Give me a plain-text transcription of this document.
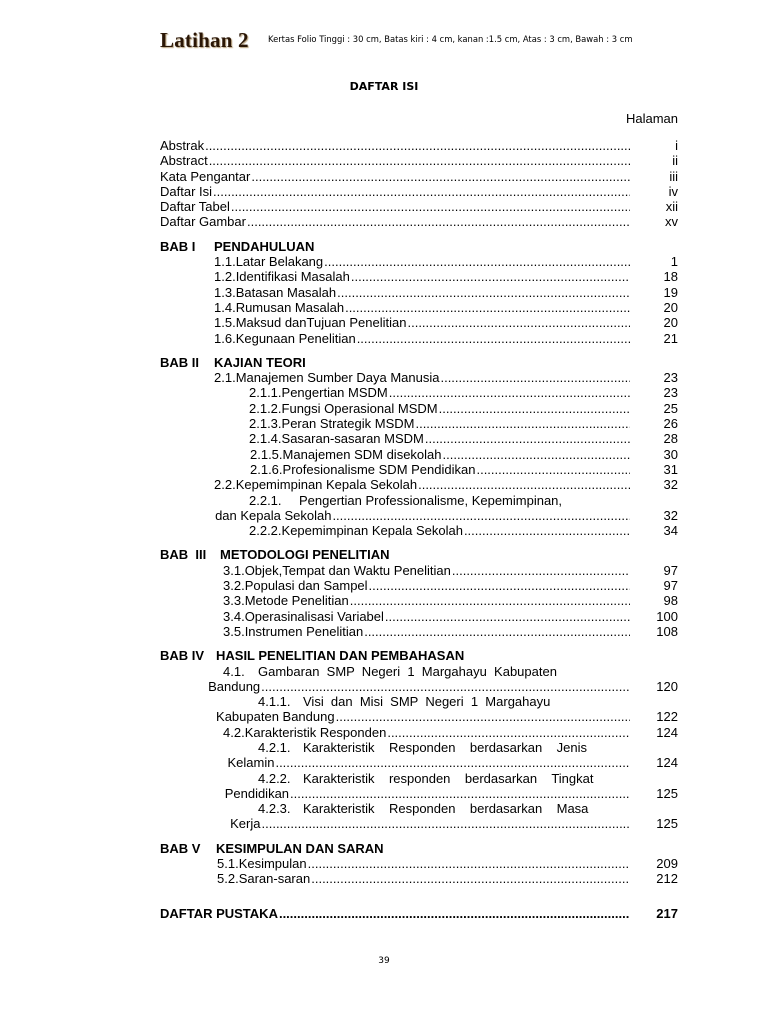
Latihan 2 Kertas Folio Tinggi : 30 cm, Batas kiri : 4 cm, kanan :1.5 cm, Atas : 3 cm, Bawah : 3 cm
DAFTAR ISI
Halaman
Abstrak .....	i
Abstract .....	ii
Kata Pengantar .....	iii
Daftar Isi .....	iv
Daftar Tabel .....	xii
Daftar Gambar .....	xv
BAB I	PENDAHULUAN
1.1. Latar Belakang .....	1
1.2. Identifikasi Masalah .....	18
1.3. Batasan Masalah .....	19
1.4. Rumusan Masalah .....	20
1.5. Maksud danTujuan Penelitian .....	20
1.6. Kegunaan Penelitian .....	21
BAB II	KAJIAN TEORI
2.1. Manajemen Sumber Daya Manusia .....	23
2.1.1. Pengertian MSDM .....	23
2.1.2. Fungsi Operasional MSDM .....	25
2.1.3. Peran Strategik MSDM .....	26
2.1.4. Sasaran-sasaran MSDM .....	28
2.1.5. Manajemen SDM disekolah .....	30
2.1.6. Profesionalisme SDM Pendidikan .....	31
2.2. Kepemimpinan Kepala Sekolah .....	32
2.2.1.	Pengertian Professionalisme, Kepemimpinan,
dan Kepala Sekolah .....	32
2.2.2. Kepemimpinan Kepala Sekolah .....	34
BAB  III	METODOLOGI PENELITIAN
3.1. Objek,Tempat dan Waktu Penelitian .....	97
3.2. Populasi dan Sampel .....	97
3.3. Metode Penelitian .....	98
3.4. Operasinalisasi Variabel .....	100
3.5. Instrumen Penelitian .....	108
BAB IV HASIL PENELITIAN DAN PEMBAHASAN
4.1.	Gambaran  SMP  Negeri  1  Margahayu  Kabupaten
Bandung .....	120
4.1.1. Visi  dan  Misi  SMP  Negeri  1  Margahayu
Kabupaten Bandung .....	122
4.2. Karakteristik Responden .....	124
4.2.1. Karakteristik    Responden    berdasarkan    Jenis
Kelamin .....	124
4.2.2. Karakteristik    responden    berdasarkan    Tingkat
Pendidikan .....	125
4.2.3. Karakteristik    Responden    berdasarkan    Masa
Kerja .....	125
BAB V	KESIMPULAN DAN SARAN
5.1. Kesimpulan .....	209
5.2. Saran-saran .....	212
DAFTAR PUSTAKA .....	217
39
